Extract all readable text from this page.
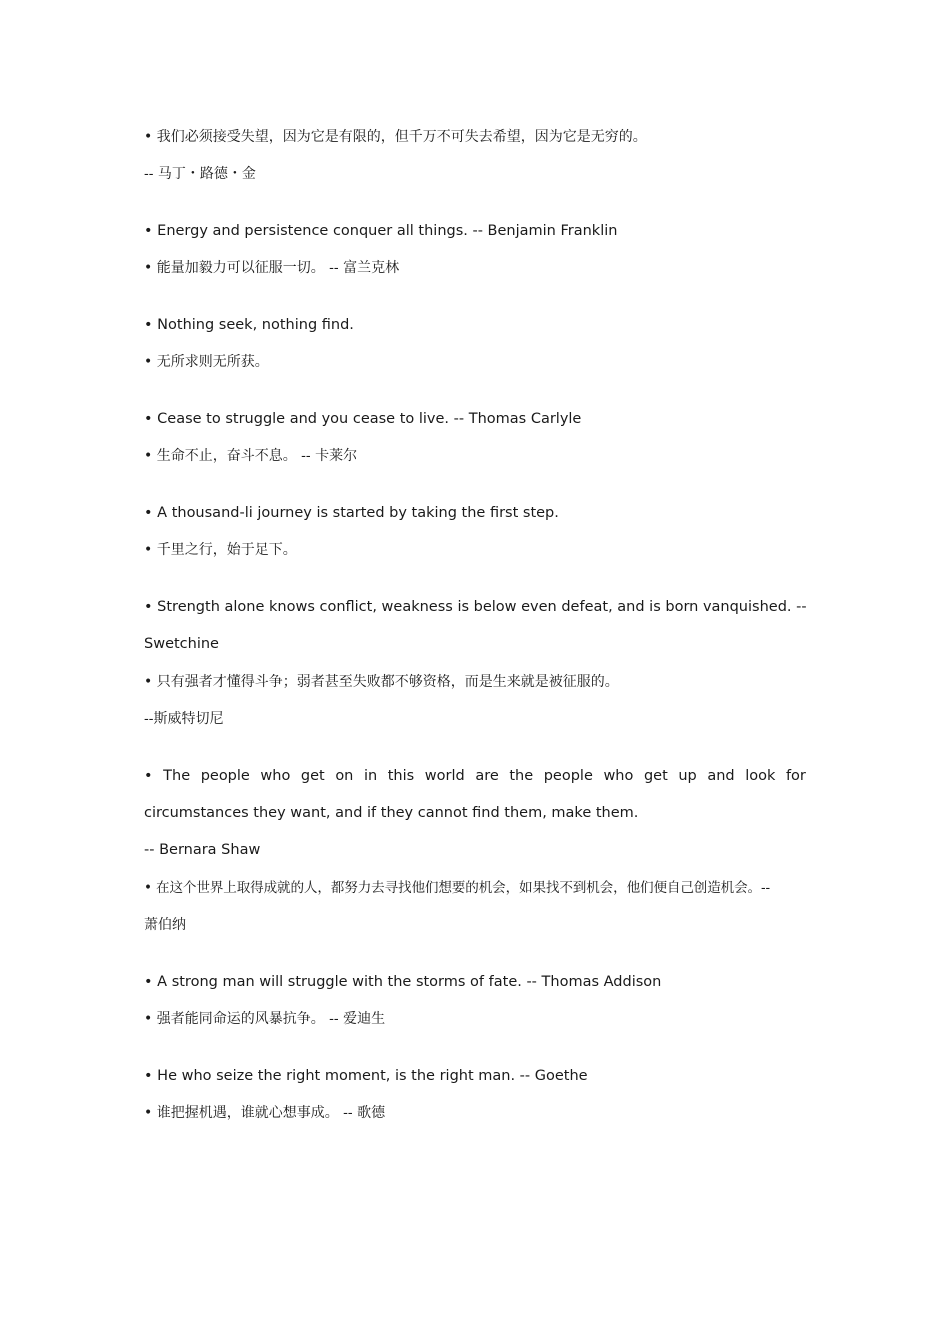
• 我们必须接受失望，因为它是有限的，但千万不可失去希望，因为它是无穷的。
-- 马丁・路德・金
• Energy and persistence conquer all things. -- Benjamin Franklin
• 能量加毅力可以征服一切。 -- 富兰克林
• Nothing seek, nothing find.
• 无所求则无所获。
• Cease to struggle and you cease to live. -- Thomas Carlyle
• 生命不止，奋斗不息。 -- 卡莱尔
• A thousand-li journey is started by taking the first step.
• 千里之行，始于足下。
• Strength alone knows conflict, weakness is below even defeat, and is born vanquished. --
Swetchine
• 只有强者才懂得斗争；弱者甚至失败都不够资格，而是生来就是被征服的。
--斯威特切尼
• The people who get on in this world are the people who get up and look for
circumstances they want, and if they cannot find them, make them.
-- Bernara Shaw
• 在这个世界上取得成就的人，都努力去寻找他们想要的机会，如果找不到机会，他们便自己创造机会。--
萧伯纳
• A strong man will struggle with the storms of fate. -- Thomas Addison
• 强者能同命运的风暴抗争。 -- 爱迪生
• He who seize the right moment, is the right man. -- Goethe
• 谁把握机遇，谁就心想事成。 -- 歌德
